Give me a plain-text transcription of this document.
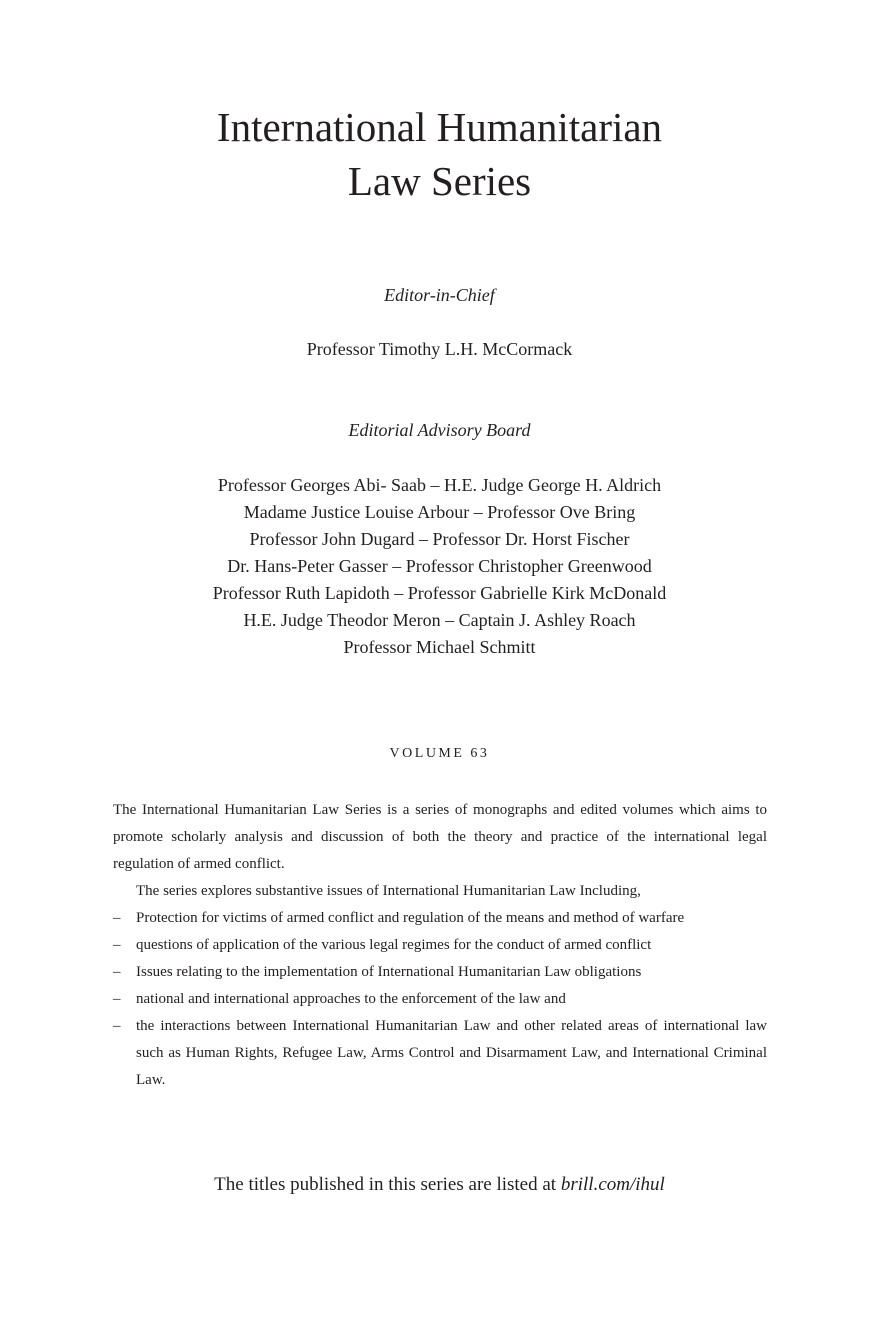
International Humanitarian
Law Series
Editor-in-Chief
Professor Timothy L.H. McCormack
Editorial Advisory Board
Professor Georges Abi- Saab – H.E. Judge George H. Aldrich
Madame Justice Louise Arbour – Professor Ove Bring
Professor John Dugard – Professor Dr. Horst Fischer
Dr. Hans-Peter Gasser – Professor Christopher Greenwood
Professor Ruth Lapidoth – Professor Gabrielle Kirk McDonald
H.E. Judge Theodor Meron – Captain J. Ashley Roach
Professor Michael Schmitt
VOLUME 63

The International Humanitarian Law Series is a series of monographs and edited volumes which aims to promote scholarly analysis and discussion of both the theory and practice of the international legal regulation of armed conflict.

The series explores substantive issues of International Humanitarian Law Including,

– Protection for victims of armed conflict and regulation of the means and method of warfare
– questions of application of the various legal regimes for the conduct of armed conflict
– Issues relating to the implementation of International Humanitarian Law obligations
– national and international approaches to the enforcement of the law and
– the interactions between International Humanitarian Law and other related areas of international law such as Human Rights, Refugee Law, Arms Control and Disarmament Law, and International Criminal Law.
The titles published in this series are listed at brill.com/ihul
